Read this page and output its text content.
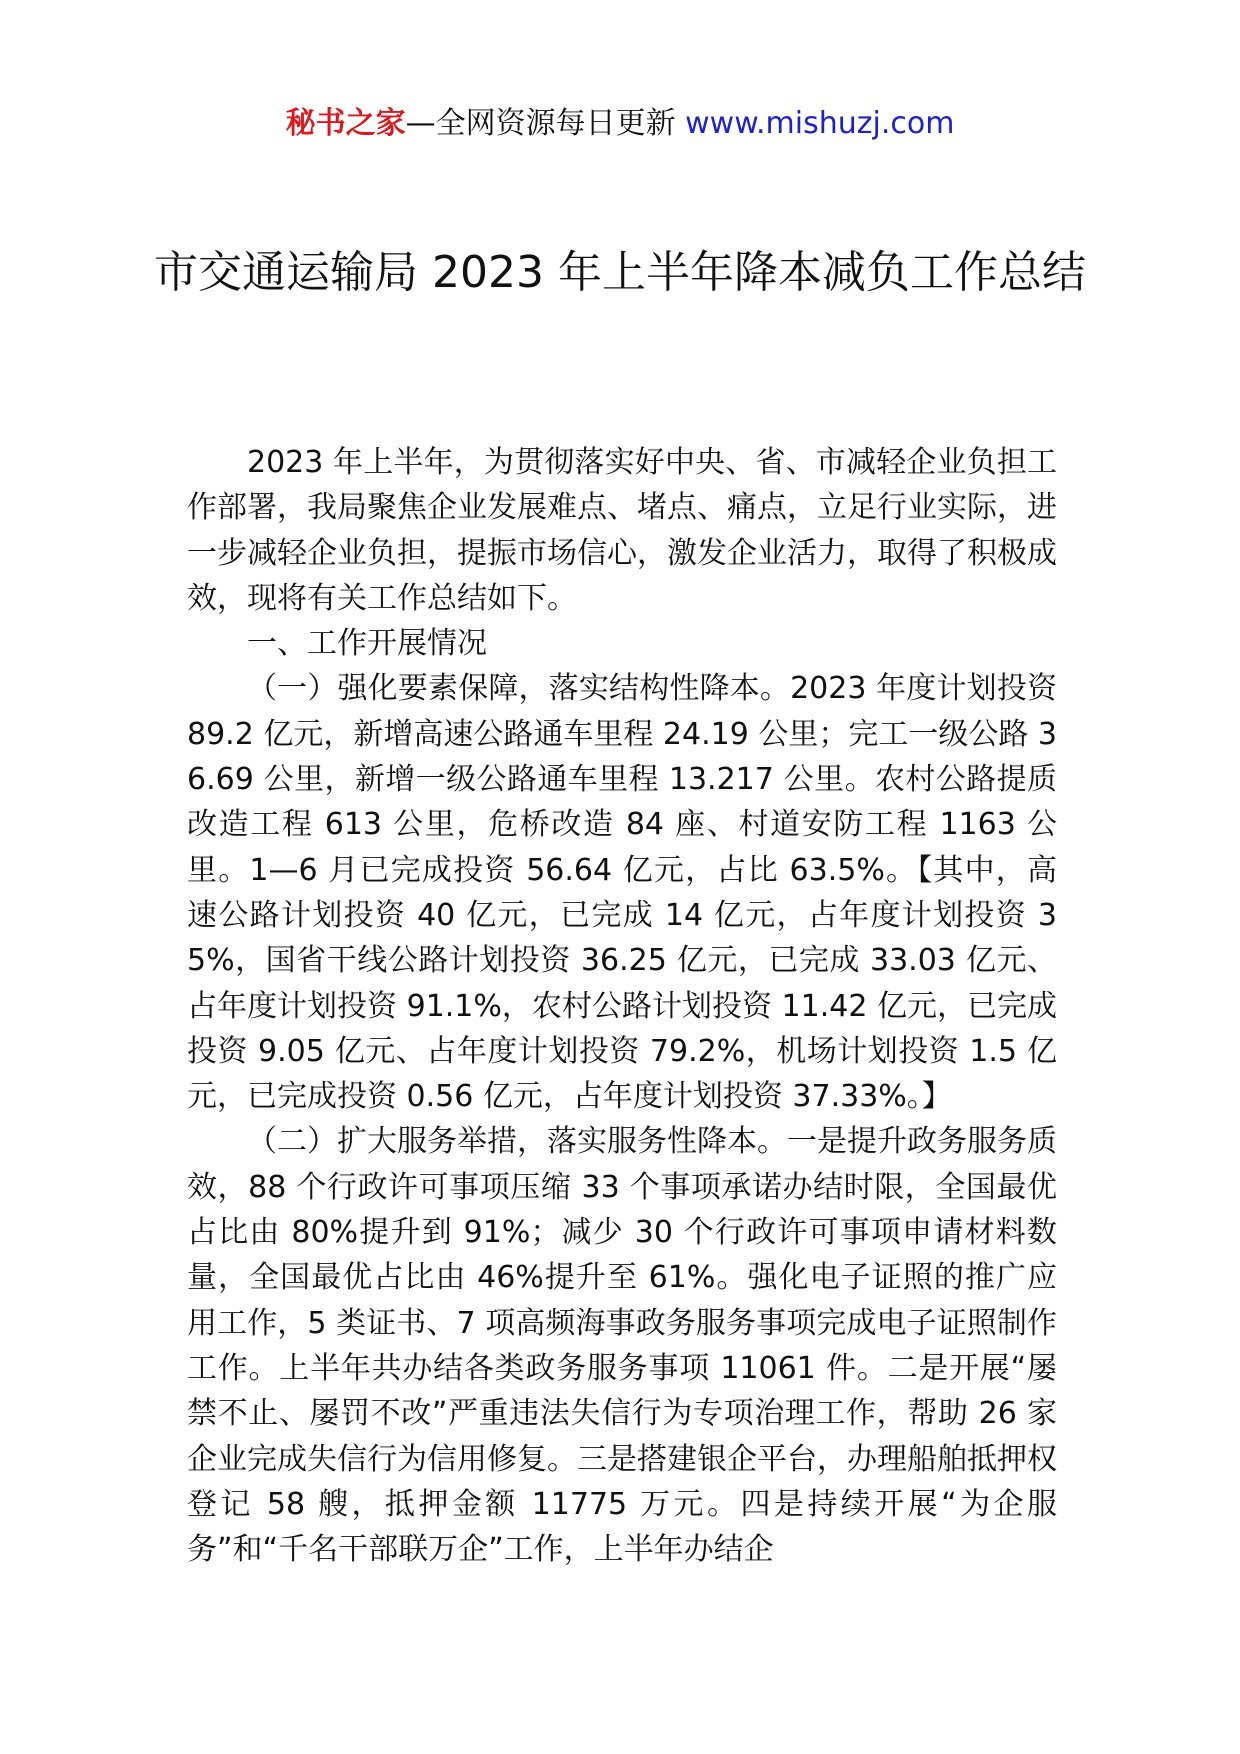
秘书之家—全网资源每日更新 www.mishuzj.com
市交通运输局 2023 年上半年降本减负工作总结

2023 年上半年，为贯彻落实好中央、省、市减轻企业负担工作部署，我局聚焦企业发展难点、堵点、痛点，立足行业实际，进一步减轻企业负担，提振市场信心，激发企业活力，取得了积极成效，现将有关工作总结如下。

一、工作开展情况

（一）强化要素保障，落实结构性降本。2023 年度计划投资 89.2 亿元，新增高速公路通车里程 24.19 公里；完工一级公路 36.69 公里，新增一级公路通车里程 13.217 公里。农村公路提质改造工程 613 公里，危桥改造 84 座、村道安防工程 1163 公里。1—6 月已完成投资 56.64 亿元，占比 63.5%。【其中，高速公路计划投资 40 亿元，已完成 14 亿元，占年度计划投资 35%，国省干线公路计划投资 36.25 亿元，已完成 33.03 亿元、占年度计划投资 91.1%，农村公路计划投资 11.42 亿元，已完成投资 9.05 亿元、占年度计划投资 79.2%，机场计划投资 1.5 亿元，已完成投资 0.56 亿元，占年度计划投资 37.33%。】

（二）扩大服务举措，落实服务性降本。一是提升政务服务质效，88 个行政许可事项压缩 33 个事项承诺办结时限，全国最优占比由 80%提升到 91%；减少 30 个行政许可事项申请材料数量，全国最优占比由 46%提升至 61%。强化电子证照的推广应用工作，5 类证书、7 项高频海事政务服务事项完成电子证照制作工作。上半年共办结各类政务服务事项 11061 件。二是开展“屡禁不止、屡罚不改”严重违法失信行为专项治理工作，帮助 26 家企业完成失信行为信用修复。三是搭建银企平台，办理船舶抵押权登记 58 艘，抵押金额 11775 万元。四是持续开展“为企服务”和“千名干部联万企”工作，上半年办结企
